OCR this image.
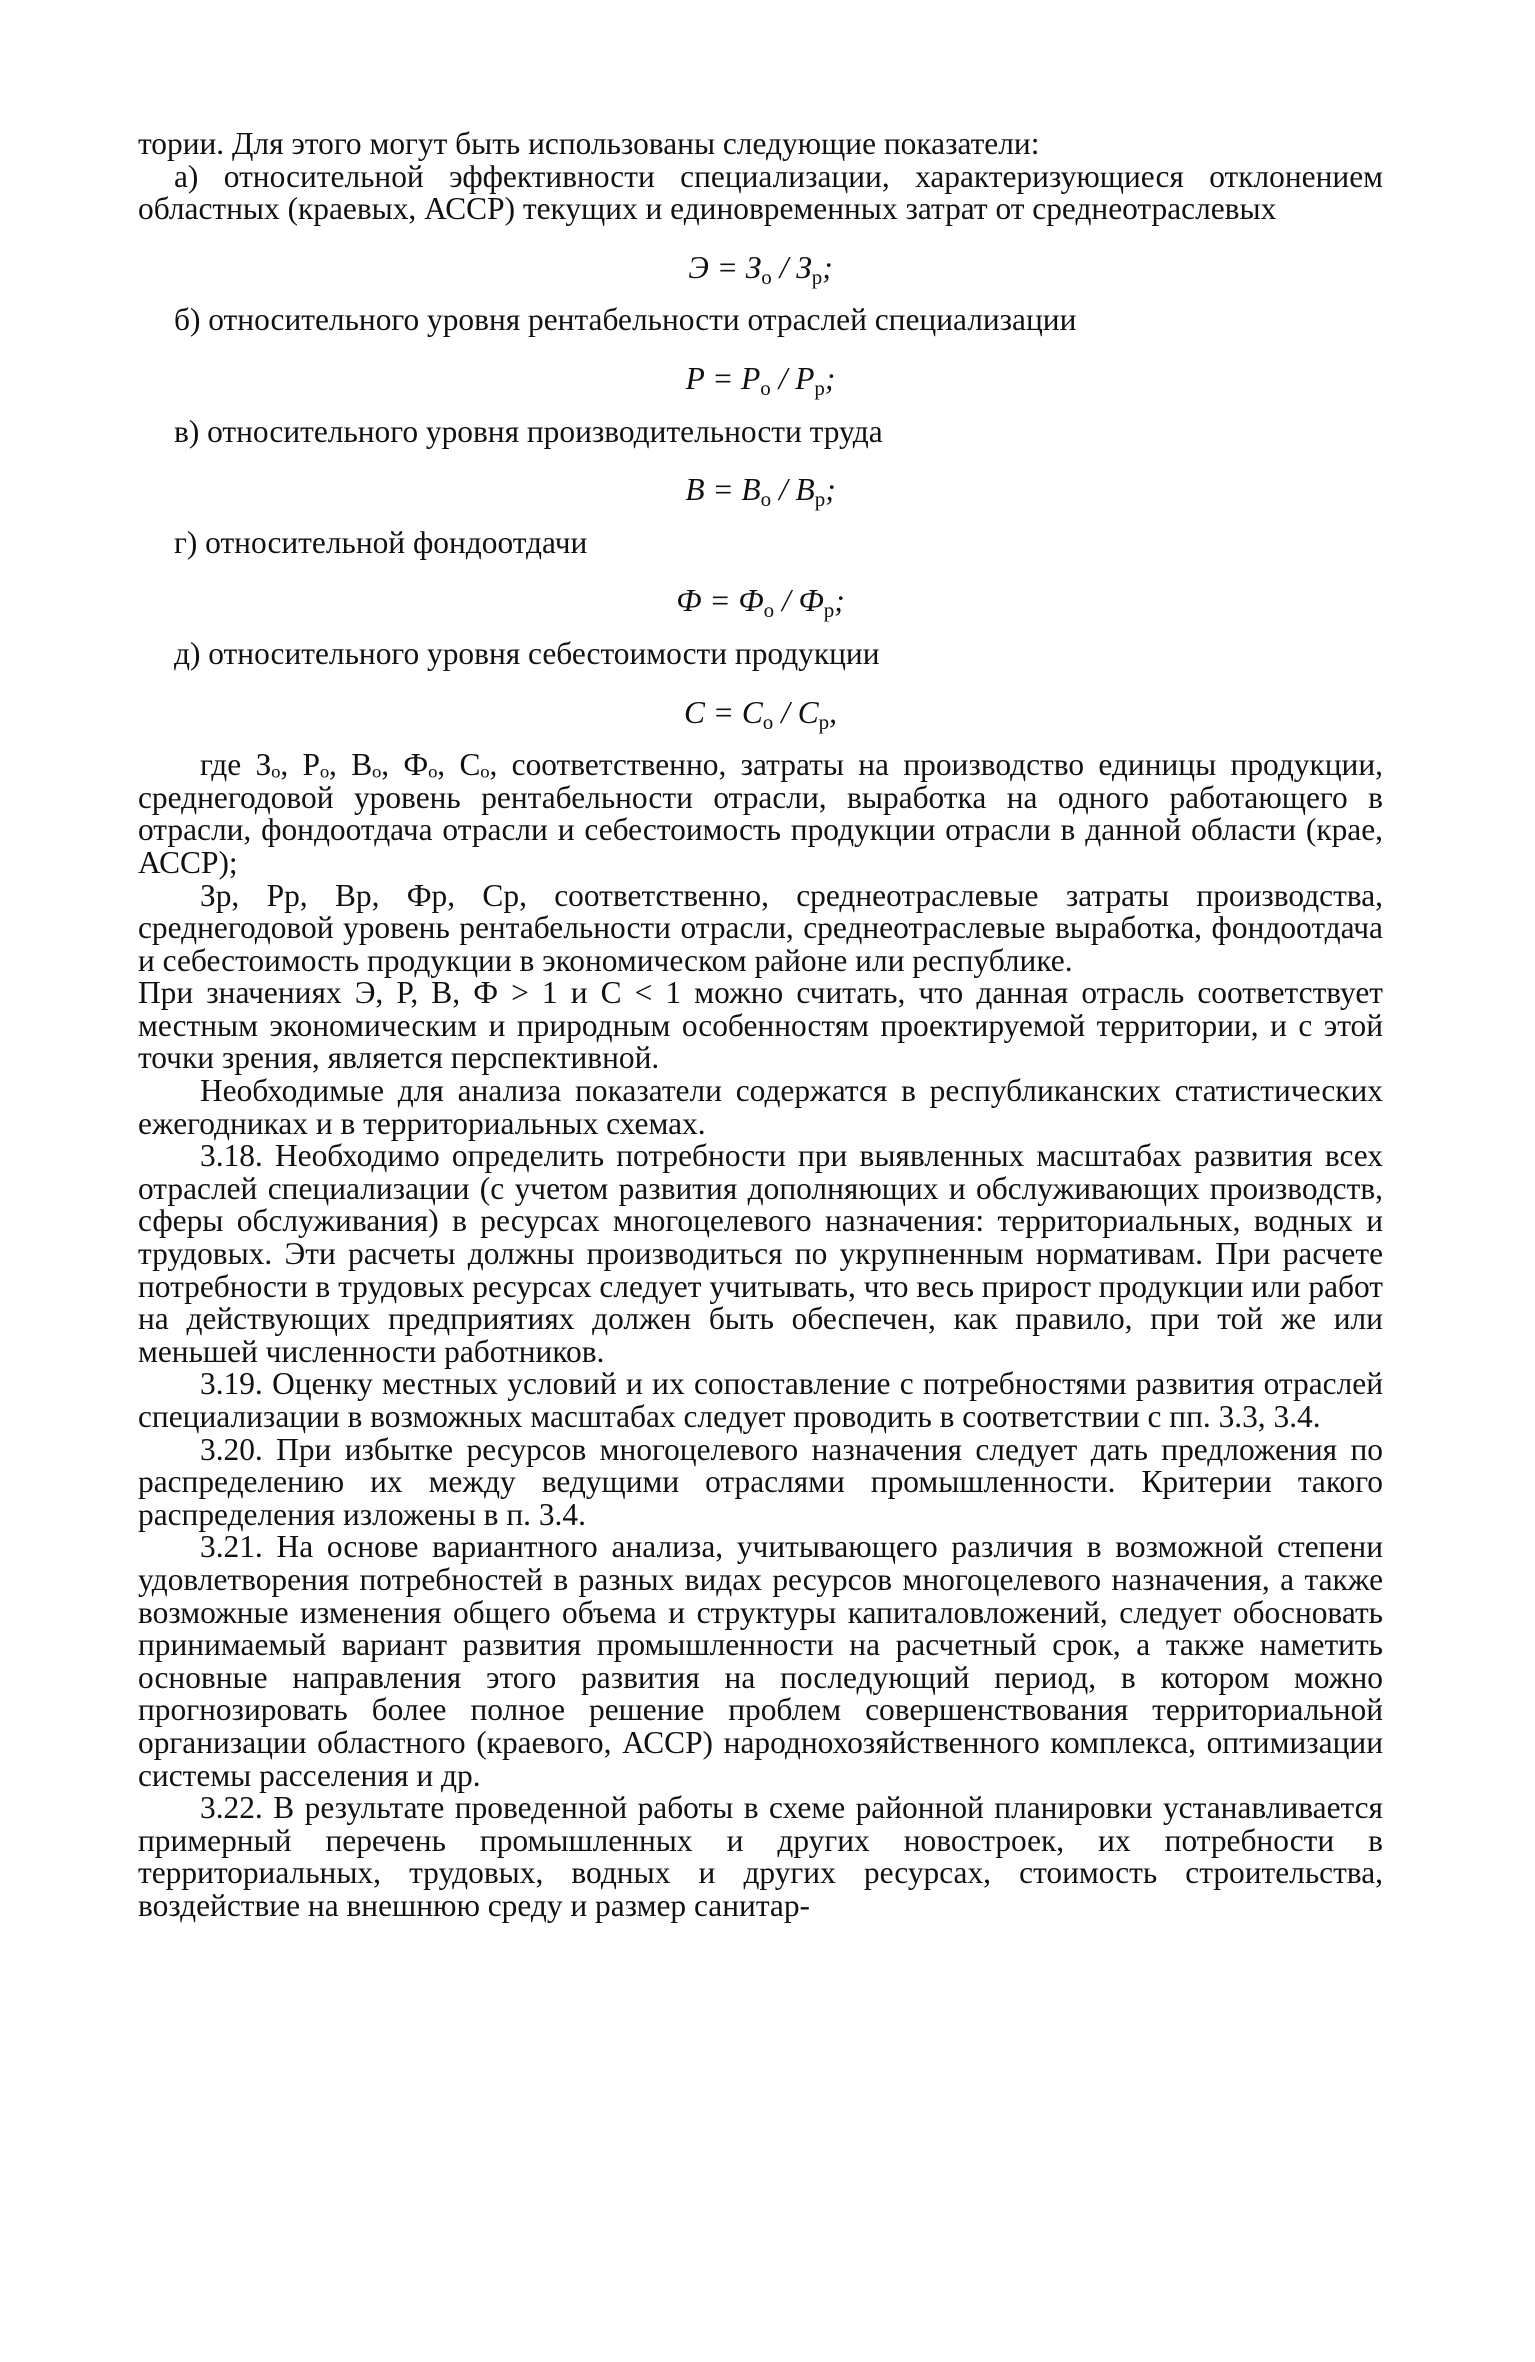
тории. Для этого могут быть использованы следующие показатели:

а) относительной эффективности специализации, характеризующиеся отклонением областных (краевых, АССР) текущих и единовременных затрат от среднеотраслевых

$Э = З_о / З_р$;

б) относительного уровня рентабельности отраслей специализации

$P = P_о / P_р$;

в) относительного уровня производительности труда

$B = B_о / B_р$;

г) относительной фондоотдачи

$Ф = Ф_о / Ф_р$;

д) относительного уровня себестоимости продукции

$C = C_о / C_р$,

где Зₒ, Pₒ, Bₒ, Фₒ, Cₒ, соответственно, затраты на производство единицы продукции, среднегодовой уровень рентабельности отрасли, выработка на одного работающего в отрасли, фондоотдача отрасли и себестоимость продукции отрасли в данной области (крае, АССР);

Зр, Pр, Bр, Фр, Cр, соответственно, среднеотраслевые затраты производства, среднегодовой уровень рентабельности отрасли, среднеотраслевые выработка, фондоотдача и себестоимость продукции в экономическом районе или республике.

При значениях Э, P, B, Ф > 1 и C < 1 можно считать, что данная отрасль соответствует местным экономическим и природным особенностям проектируемой территории, и с этой точки зрения, является перспективной.

Необходимые для анализа показатели содержатся в республиканских статистических ежегодниках и в территориальных схемах.

3.18. Необходимо определить потребности при выявленных масштабах развития всех отраслей специализации (с учетом развития дополняющих и обслуживающих производств, сферы обслуживания) в ресурсах многоцелевого назначения: территориальных, водных и трудовых. Эти расчеты должны производиться по укрупненным нормативам. При расчете потребности в трудовых ресурсах следует учитывать, что весь прирост продукции или работ на действующих предприятиях должен быть обеспечен, как правило, при той же или меньшей численности работников.

3.19. Оценку местных условий и их сопоставление с потребностями развития отраслей специализации в возможных масштабах следует проводить в соответствии с пп. 3.3, 3.4.

3.20. При избытке ресурсов многоцелевого назначения следует дать предложения по распределению их между ведущими отраслями промышленности. Критерии такого распределения изложены в п. 3.4.

3.21. На основе вариантного анализа, учитывающего различия в возможной степени удовлетворения потребностей в разных видах ресурсов многоцелевого назначения, а также возможные изменения общего объема и структуры капиталовложений, следует обосновать принимаемый вариант развития промышленности на расчетный срок, а также наметить основные направления этого развития на последующий период, в котором можно прогнозировать более полное решение проблем совершенствования территориальной организации областного (краевого, АССР) народнохозяйственного комплекса, оптимизации системы расселения и др.

3.22. В результате проведенной работы в схеме районной планировки устанавливается примерный перечень промышленных и других новостроек, их потребности в территориальных, трудовых, водных и других ресурсах, стоимость строительства, воздействие на внешнюю среду и размер санитар-
